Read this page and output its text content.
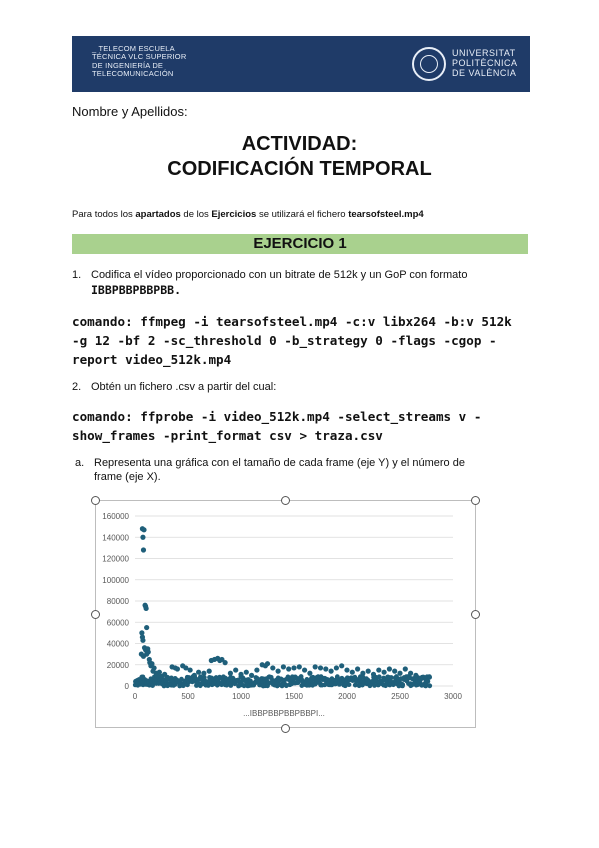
_ TELECOM ESCUELA
TÉCNICA VLC SUPERIOR
DE INGENIERÍA DE
TELECOMUNICACIÓN
UNIVERSITAT
POLITÈCNICA
DE VALÈNCIA
Nombre y Apellidos:
ACTIVIDAD:
CODIFICACIÓN TEMPORAL
Para todos los apartados de los Ejercicios se utilizará el fichero tearsofsteel.mp4
EJERCICIO 1
1. Codifica el vídeo proporcionado con un bitrate de 512k y un GoP con formato
IBBPBBPBBPBB.
comando: ffmpeg -i tearsofsteel.mp4 -c:v libx264 -b:v 512k
-g 12 -bf 2 -sc_threshold 0 -b_strategy 0 -flags -cgop -
report video_512k.mp4
2. Obtén un fichero .csv a partir del cual:
comando: ffprobe -i video_512k.mp4 -select_streams v -
show_frames -print_format csv > traza.csv
a. Representa una gráfica con el tamaño de cada frame (eje Y) y el número de
frame (eje X).
0
20000
40000
60000
80000
100000
120000
140000
160000
0	500	1000	1500	2000	2500	3000
...IBBPBBPBBPBBPI...
